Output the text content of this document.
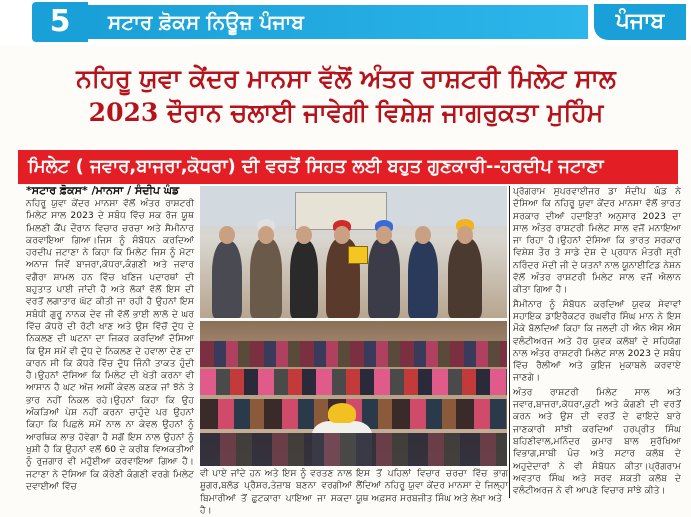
5	ਸਟਾਰ ਫ਼ੋਕਸ ਨਿਊਜ਼ ਪੰਜਾਬ	ਪੰਜਾਬ
ਨਹਿਰੂ ਯੁਵਾ ਕੇਂਦਰ ਮਾਨਸਾ ਵੱਲੋਂ ਅੰਤਰ ਰਾਸ਼ਟਰੀ ਮਿਲੇਟ ਸਾਲ
2023 ਦੌਰਾਨ ਚਲਾਈ ਜਾਵੇਗੀ ਵਿਸ਼ੇਸ਼ ਜਾਗਰੁਕਤਾ ਮੁਹਿੰਮ
ਮਿਲੇਟ ( ਜਵਾਰ,ਬਾਜਰਾ,ਕੋਧਰਾ) ਦੀ ਵਰਤੋਂ ਸਿਹਤ ਲਈ ਬਹੁਤ ਗੁਣਕਾਰੀ--ਹਰਦੀਪ ਜਟਾਣਾ
*ਸਟਾਰ ਫ਼ੋਕਸ* /ਮਾਨਸਾ / ਸੰਦੀਪ ਘੰਡ

ਨਹਿਰੂ ਯੁਵਾ ਕੇਂਦਰ ਮਾਨਸਾ ਵੱਲੋਂ ਅੰਤਰ ਰਾਸ਼ਟਰੀ ਮਿਲੇਟ ਸਾਲ 2023 ਦੇ ਸਬੰਧ ਵਿੱਚ ਸਕ ਰੋਜ ਯੂਥ ਮਿਲਣੀ ਕੈਂਪ ਦੌਰਾਨ ਵਿਚਾਰ ਚਰਚਾ ਅਤੇ ਸੈਮੀਨਾਰ ਕਰਵਾਇਆ ਗਿਆ।ਜਿਸ ਨੂੰ ਸੰਬੋਧਨ ਕਰਦਿਆਂ ਹਰਦੀਪ ਜਟਾਣਾ ਨੇ ਕਿਹਾ ਕਿ ਮਿਲੇਟ ਜਿਸ ਨੂੰ ਮੋਟਾ ਅਨਾਜ ਜਿਵੇਂ ਬਾਜਰਾ,ਕੋਧਰਾ,ਕੰਗਣੀ ਅਤੇ ਜਵਾਰ ਵਗੈਰਾ ਸ਼ਾਮਲ ਹਨ ਵਿੱਚ ਖਣਿਜ ਪਦਾਰਥਾਂ ਦੀ ਬਹੁਤਾਤ ਪਾਈ ਜਾਂਦੀ ਹੈ ਅਤੇ ਲੋਕਾਂ ਵੱਲੋਂ ਇਸ ਦੀ ਵਰਤੋਂ ਲਗਾਤਾਰ ਘੱਟ ਕੀਤੀ ਜਾ ਰਹੀ ਹੈ ਉਹਨਾਂ ਇਸ ਸਬੰਧੀ ਗੁਰੂ ਨਾਨਕ ਦੇਵ ਜੀ ਵੱਲੋਂ ਭਾਈ ਲਾਲੋ ਦੇ ਘਰ ਵਿੱਚ ਕੋਧਰੇ ਦੀ ਰੋਟੀ ਖਾਣ ਅਤੇ ਉਸ ਵਿੱਚੋਂ ਦੁੱਧ ਦੇ ਨਿਕਲਣ ਦੀ ਘਟਨਾ ਦਾ ਜਿਕਰ ਕਰਦਿਆਂ ਦੱਸਿਆ ਕਿ ਉਸ ਸਮੇਂ ਵੀ ਦੁੱਧ ਦੇ ਨਿਕਲਣ ਦੇ ਹਵਾਲਾ ਦੇਣ ਦਾ ਕਾਰਨ ਸੀ ਕਿ ਕੋਧਰੇ ਵਿੱਚ ਦੁੱਧ ਜਿੰਨੀ ਤਾਕਤ ਹੁੰਦੀ ਹੈ।ਉਹਨਾਂ ਦੱਸਿਆ ਕਿ ਮਿਲੇਟ ਦੀ ਖੇਤੀ ਕਰਨਾ ਵੀ ਆਸਾਨ ਹੈ ਘਟ ਅੱਜ ਅਸੀਂ ਕੇਵਲ ਕਣਕ ਜਾਂ ਝੋਨੇ ਤੇ ਭਾਰ ਨਹੀਂ ਨਿਕਲ ਰਹੇ।ਉਹਨਾਂ ਕਿਹਾ ਕਿ ਉਹ ਅੰਕੜਿਆਂ ਪੇਸ਼ ਨਹੀਂ ਕਰਨਾ ਚਾਹੁੰਦੇ ਪਰ ਉਹਨਾਂ ਕਿਹਾ ਕਿ ਪਿਛਲੇ ਸਮੇਂ ਨਾਲ ਨਾ ਕੇਵਲ ਉਹਨਾਂ ਨੂੰ ਆਰਥਿਕ ਲਾਭ ਹੋਵੇਗਾ ਹੈ ਸਗੋਂ ਇਸ ਨਾਲ ਉਹਨਾਂ ਨੂੰ ਖੁਸ਼ੀ ਹੈ ਕਿ ਉਹਨਾਂ ਵਲੋਂ 60 ਦੇ ਕਰੀਬ ਵਿਅਕਤੀਆਂ ਨੂੰ ਰੁਜ਼ਗਾਰ ਵੀ ਮਹੁੱਈਆ ਕਰਵਾਇਆ ਗਿਆ ਹੈ।ਜਟਾਣਾ ਨੇ ਦੱਸਿਆ ਕਿ ਕੋਰੇਣੀ ਕੰਗਣੀ ਵਰਗੇ ਮਿਲੇਟ ਦਵਾਈਆਂ ਵਿੱਚ

ਵੀ ਪਾਏ ਜਾਂਦੇ ਹਨ ਅਤੇ ਇਸ ਨੂੰ ਵਰਤਣ ਨਾਲ ਸ਼ੂਗਰ,ਬਲੱਡ ਪ੍ਰੈਸ਼ਰ,ਤੇਜ਼ਾਬ ਬਣਨਾ ਵਰਗੀਆਂ ਬਿਮਾਰੀਆਂ ਤੋਂ ਛੁਟਕਾਰਾ ਪਾਇਆ ਜਾ ਸਕਦਾ ਹੈ।
ਇਸ ਤੋਂ ਪਹਿਲਾਂ ਵਿਚਾਰ ਚਰਚਾ ਵਿੱਚ ਭਾਗ ਲੈਂਦਿਆਂ ਨਹਿਰੂ ਯੁਵਾ ਕੇਂਦਰ ਮਾਨਸਾ ਦੇ ਜਿਲ੍ਹਾ ਯੂਥ ਅਫ਼ਸਰ ਸਰਬਜੀਤ ਸਿੰਘ ਅਤੇ ਲੇਖਾ ਅਤੇ

ਪ੍ਰੋਗਰਾਮ ਸੁਪਰਵਾਈਜਰ ਡਾ ਸੰਦੀਪ ਘੰਡ ਨੇ ਦੱਸਿਆ ਕਿ ਨਹਿਰੂ ਯੁਵਾ ਕੇਂਦਰ ਮਾਨਸਾ ਵੱਲੋਂ ਭਾਰਤ ਸਰਕਾਰ ਦੀਆਂ ਹਦਾਇਤਾਂ ਅਨੁਸਾਰ 2023 ਦਾ ਸਾਲ ਅੰਤਰ ਰਾਸ਼ਟਰੀ ਮਿਲੇਟ ਸਾਲ ਵਜੋਂ ਮਨਾਇਆ ਜਾ ਰਿਹਾ ਹੈ।ਉਹਨਾਂ ਦੱਸਿਆ ਕਿ ਭਾਰਤ ਸਰਕਾਰ ਵਿਸ਼ੇਸ਼ ਤੌਰ ਤੇ ਸਾਡੇ ਦੇਸ਼ ਦੇ ਪ੍ਰਧਾਨ ਮੰਤਰੀ ਸ੍ਰੀ ਨਰਿੰਦਰ ਮੋਦੀ ਜੀ ਦੇ ਯਤਨਾਂ ਨਾਲ ਯੂਨਾਈਟਿਡ ਨੇਸ਼ਨ ਵੱਲੋਂ ਅੰਤਰ ਰਾਸ਼ਟਰੀ ਮਿਲੇਟ ਸਾਲ ਵਜੋਂ ਐਲਾਨ ਕੀਤਾ ਗਿਆ ਹੈ।

ਸੈਮੀਨਾਰ ਨੂੰ ਸੰਬੋਧਨ ਕਰਦਿਆਂ ਯੁਵਕ ਸੇਵਾਵਾਂ ਸਹਾਇਕ ਡਾਇਰੈਕਟਰ ਰਘਵੀਰ ਸਿੰਘ ਮਾਨ ਨੇ ਇਸ ਮੌਕੇ ਬੋਲਦਿਆਂ ਕਿਹਾ ਕਿ ਜਲਦੀ ਹੀ ਐਨ ਐਸ ਐਸ ਵਲੰਟੀਅਰਜ ਅਤੇ ਹੋਰ ਯੁਵਕ ਕਲੱਬਾਂ ਦੇ ਸਹਿਯੋਗ ਨਾਲ ਅੰਤਰ ਰਾਸ਼ਟਰੀ ਮਿਲੇਟ ਸਾਲ 2023 ਦੇ ਸਬੰਧ ਵਿੱਚ ਰੈਲੀਆਂ ਅਤੇ ਕੁਇਜ ਮੁਕਾਬਲੇ ਕਰਵਾਏ ਜਾਣਗੇ।

ਅੰਤਰ ਰਾਸ਼ਟਰੀ ਮਿਲੇਟ ਸਾਲ ਅਤੇ ਜਵਾਰ,ਬਾਜਰਾ,ਕੋਧਰਾ,ਕੁਟੀ ਅਤੇ ਕੰਗਣੀ ਦੀ ਵਰਤੋਂ ਕਰਨ ਅਤੇ ਉਸ ਦੀ ਵਰਤੋਂ ਦੇ ਫਾਇਦੇ ਬਾਰੇ ਜਾਣਕਾਰੀ ਸਾਂਝੀ ਕਰਦਿਆਂ ਹਰਪ੍ਰੀਤ ਸਿੰਘ ਬਹਿਣੀਵਾਲ,ਮਨਿੰਦਰ ਕੁਮਾਰ ਬਾਲ ਸੁਰੱਖਿਆ ਵਿਭਾਗ,ਸਾਬੀ ਪੰਚ ਅਤੇ ਸਟਾਰ ਕਲੱਬ ਦੇ ਅਹੁਦੇਦਾਰਾਂ ਨੇ ਵੀ ਸੰਬੋਧਨ ਕੀਤਾ।ਪ੍ਰੋਗਰਾਮ ਅਵਤਾਰ ਸਿੰਘ ਅਤੇ ਸਰਵ ਸ਼ਕਤੀ ਕਲੱਬ ਦੇ ਵਲੰਟੀਅਰਜ ਨੇ ਵੀ ਆਪਣੇ ਵਿਚਾਰ ਸਾਂਝੇ ਕੀਤੇ।
